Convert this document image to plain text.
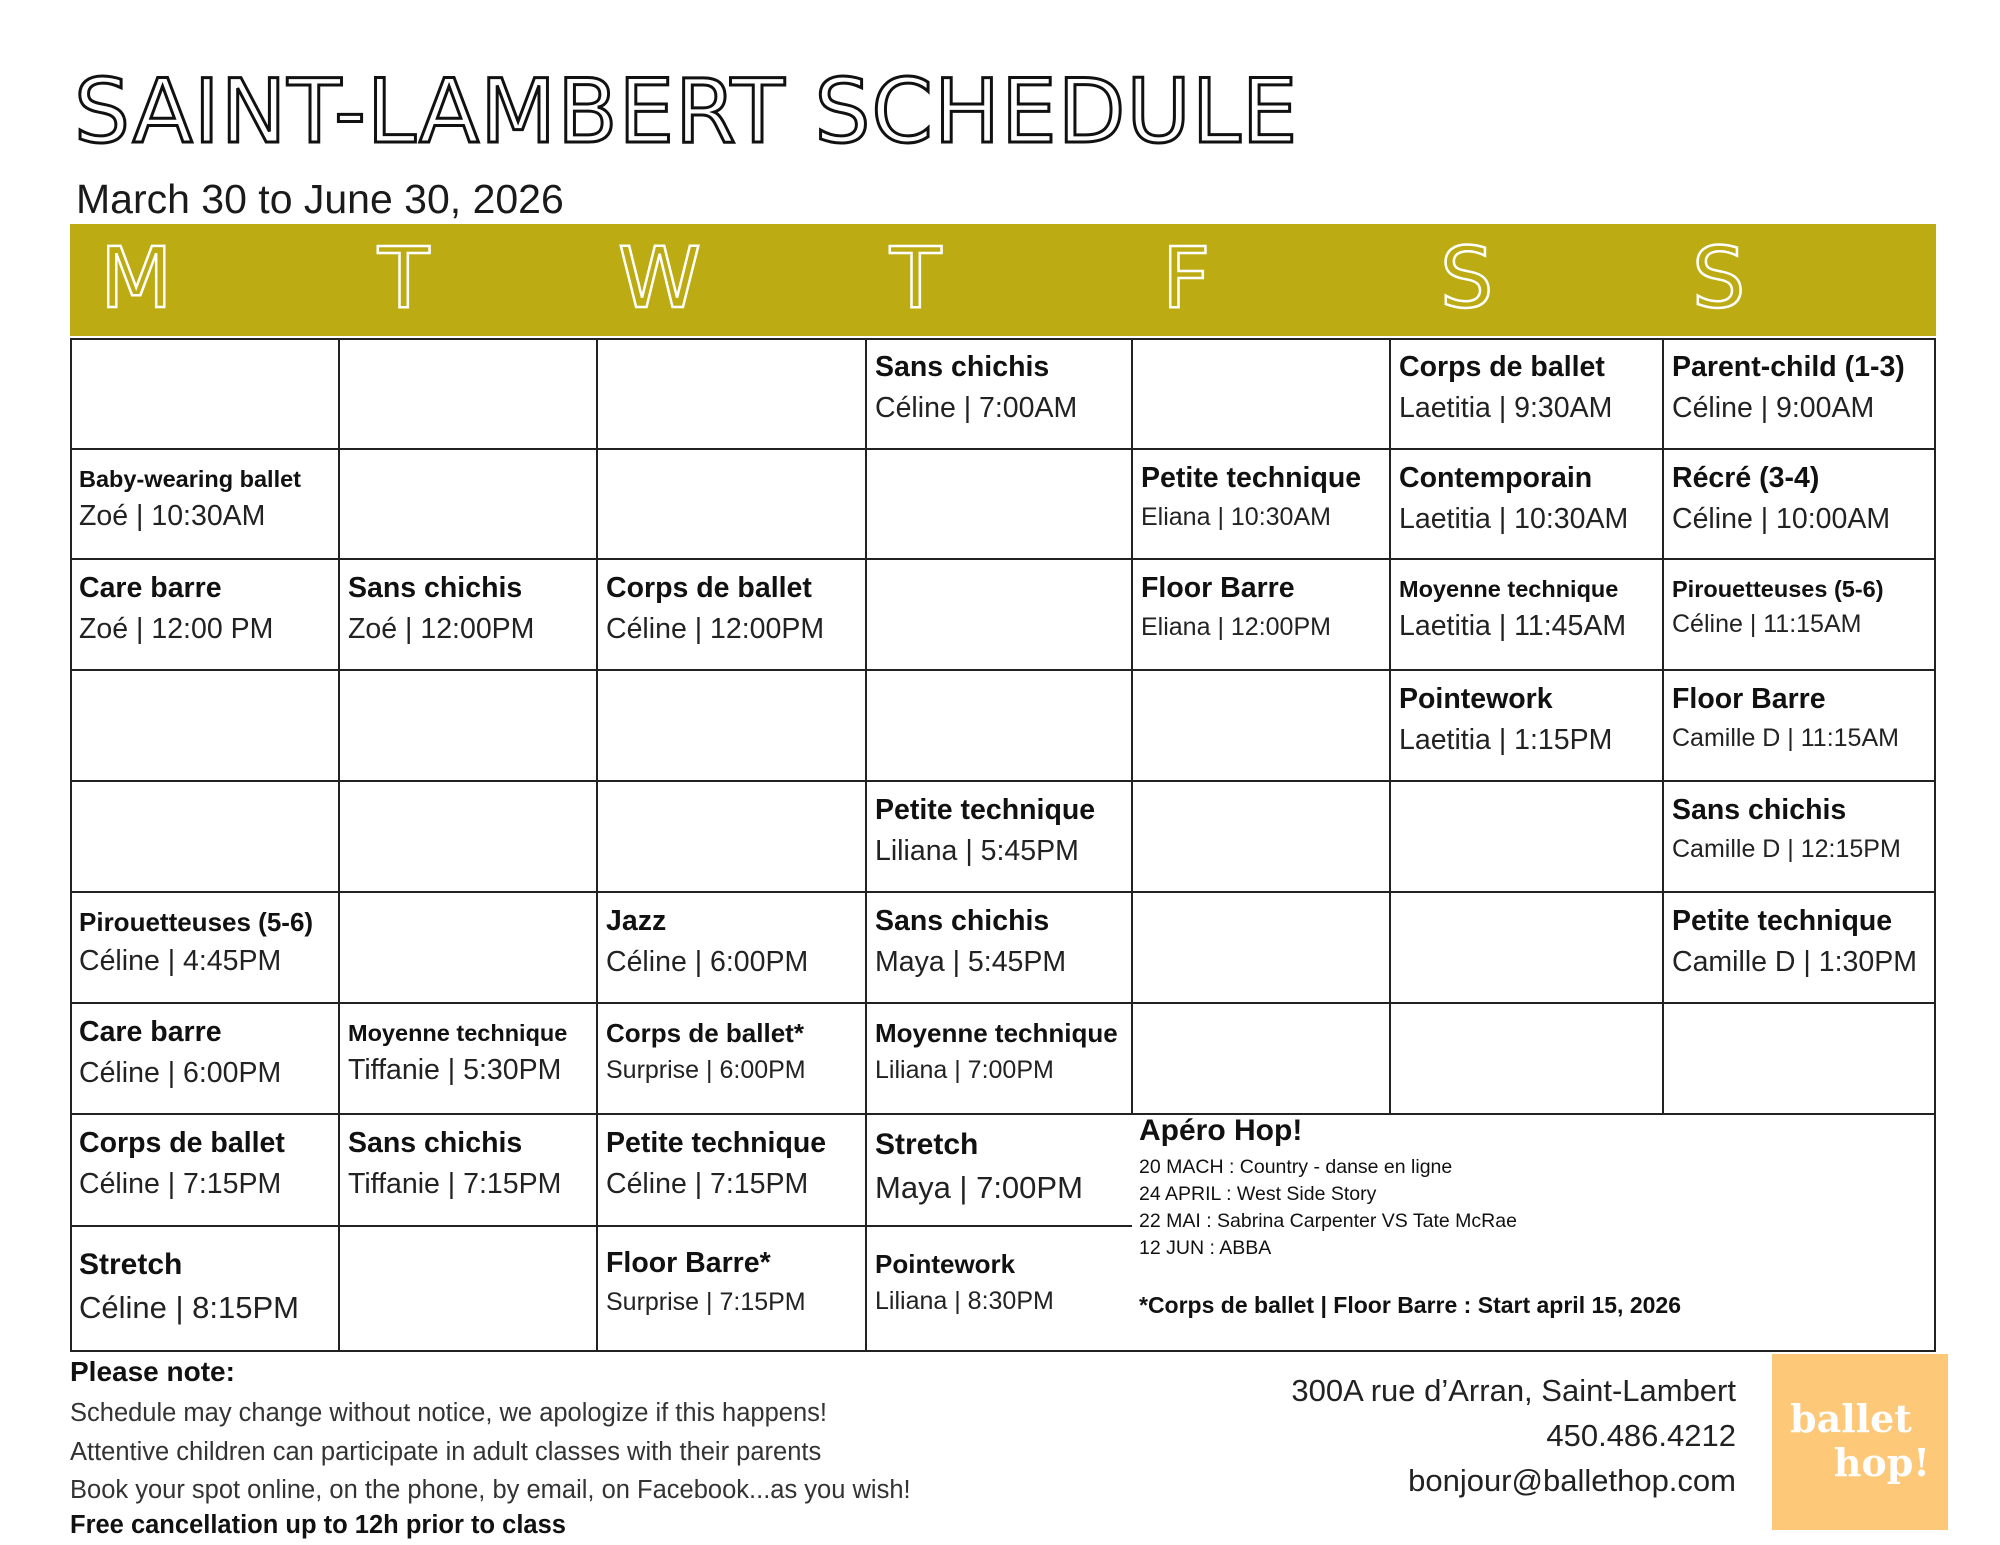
SAINT-LAMBERT SCHEDULE
March 30 to June 30, 2026
M T W T	F	S S
Sans chichis
Céline | 7:00AM
Corps de ballet
Laetitia | 9:30AM
Parent-child (1-3)
Céline | 9:00AM
Baby-wearing ballet
Zoé | 10:30AM
Petite technique
Eliana | 10:30AM
Contemporain
Laetitia | 10:30AM
Récré (3-4)
Céline | 10:00AM
Care barre
Zoé | 12:00 PM
Sans chichis
Zoé | 12:00PM
Corps de ballet
Céline | 12:00PM
Floor Barre
Eliana | 12:00PM
Moyenne technique
Laetitia | 11:45AM
Pirouetteuses (5-6)
Céline | 11:15AM
Pointework
Laetitia | 1:15PM
Floor Barre
Camille D | 11:15AM
Petite technique
Liliana | 5:45PM
Sans chichis
Camille D | 12:15PM
Pirouetteuses (5-6)
Céline | 4:45PM
Jazz
Céline | 6:00PM
Sans chichis
Maya | 5:45PM
Petite technique
Camille D | 1:30PM
Care barre
Céline | 6:00PM
Moyenne technique
Tiffanie | 5:30PM
Corps de ballet*
Surprise | 6:00PM
Moyenne technique
Liliana | 7:00PM
Corps de ballet
Céline | 7:15PM
Sans chichis
Tiffanie | 7:15PM
Petite technique
Céline | 7:15PM
Stretch
Maya | 7:00PM
Stretch
Céline | 8:15PM
Floor Barre*
Surprise | 7:15PM
Pointework
Liliana | 8:30PM
Apéro Hop!
20 MACH : Country - danse en ligne
24 APRIL : West Side Story
22 MAI : Sabrina Carpenter VS Tate McRae
12 JUN : ABBA
*Corps de ballet | Floor Barre : Start april 15, 2026
Please note:
Schedule may change without notice, we apologize if this happens!
Attentive children can participate in adult classes with their parents
Book your spot online, on the phone, by email, on Facebook...as you wish!
Free cancellation up to 12h prior to class
300A rue d’Arran, Saint-Lambert
450.486.4212
bonjour@ballethop.com
ballet
hop!
